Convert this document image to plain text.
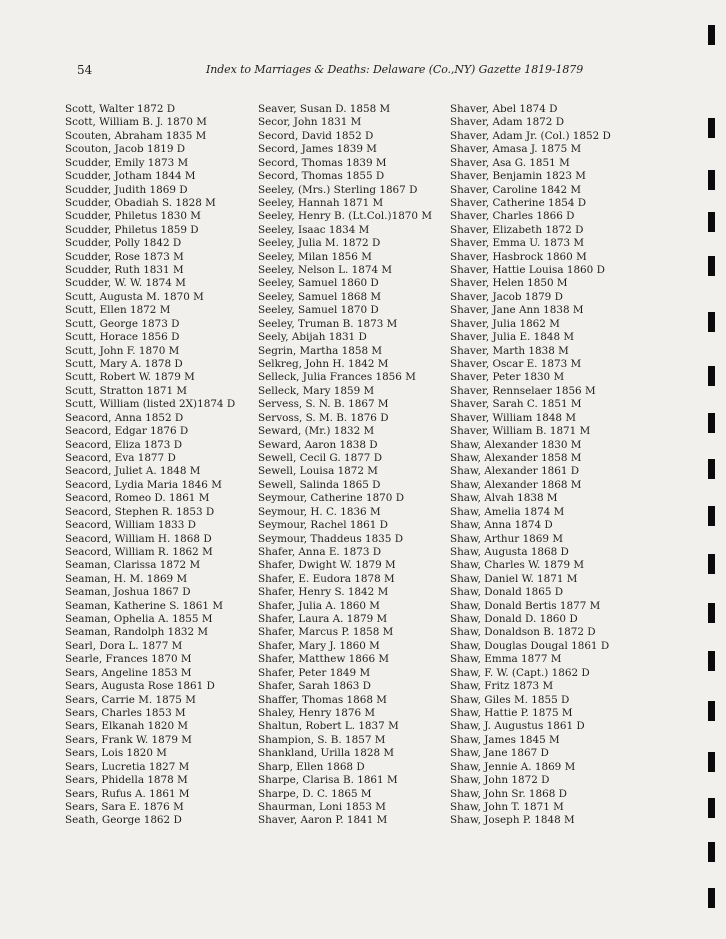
54	Index to Marriages & Deaths: Delaware (Co.,NY) Gazette 1819-1879
Scott, Walter 1872 D
Scott, William B. J. 1870 M
Scouten, Abraham 1835 M
Scouton, Jacob 1819 D
Scudder, Emily 1873 M
Scudder, Jotham 1844 M
Scudder, Judith 1869 D
Scudder, Obadiah S. 1828 M
Scudder, Philetus 1830 M
Scudder, Philetus 1859 D
Scudder, Polly 1842 D
Scudder, Rose 1873 M
Scudder, Ruth 1831 M
Scudder, W. W. 1874 M
Scutt, Augusta M. 1870 M
Scutt, Ellen 1872 M
Scutt, George 1873 D
Scutt, Horace 1856 D
Scutt, John F. 1870 M
Scutt, Mary A. 1878 D
Scutt, Robert W. 1879 M
Scutt, Stratton 1871 M
Scutt, William (listed 2X)1874 D
Seacord, Anna 1852 D
Seacord, Edgar 1876 D
Seacord, Eliza 1873 D
Seacord, Eva 1877 D
Seacord, Juliet A. 1848 M
Seacord, Lydia Maria 1846 M
Seacord, Romeo D. 1861 M
Seacord, Stephen R. 1853 D
Seacord, William 1833 D
Seacord, William H. 1868 D
Seacord, William R. 1862 M
Seaman, Clarissa 1872 M
Seaman, H. M. 1869 M
Seaman, Joshua 1867 D
Seaman, Katherine S. 1861 M
Seaman, Ophelia A. 1855 M
Seaman, Randolph 1832 M
Searl, Dora L. 1877 M
Searle, Frances 1870 M
Sears, Angeline 1853 M
Sears, Augusta Rose 1861 D
Sears, Carrie M. 1875 M
Sears, Charles 1853 M
Sears, Elkanah 1820 M
Sears, Frank W. 1879 M
Sears, Lois 1820 M
Sears, Lucretia 1827 M
Sears, Phidella 1878 M
Sears, Rufus A. 1861 M
Sears, Sara E. 1876 M
Seath, George 1862 D
Seaver, Susan D. 1858 M
Secor, John 1831 M
Secord, David 1852 D
Secord, James 1839 M
Secord, Thomas 1839 M
Secord, Thomas 1855 D
Seeley, (Mrs.) Sterling 1867 D
Seeley, Hannah 1871 M
Seeley, Henry B. (Lt.Col.)1870 M
Seeley, Isaac 1834 M
Seeley, Julia M. 1872 D
Seeley, Milan 1856 M
Seeley, Nelson L. 1874 M
Seeley, Samuel 1860 D
Seeley, Samuel 1868 M
Seeley, Samuel 1870 D
Seeley, Truman B. 1873 M
Seely, Abijah 1831 D
Segrin, Martha 1858 M
Selkreg, John H. 1842 M
Selleck, Julia Frances 1856 M
Selleck, Mary 1859 M
Servess, S. N. B. 1867 M
Servoss, S. M. B. 1876 D
Seward, (Mr.) 1832 M
Seward, Aaron 1838 D
Sewell, Cecil G. 1877 D
Sewell, Louisa 1872 M
Sewell, Salinda 1865 D
Seymour, Catherine 1870 D
Seymour, H. C. 1836 M
Seymour, Rachel 1861 D
Seymour, Thaddeus 1835 D
Shafer, Anna E. 1873 D
Shafer, Dwight W. 1879 M
Shafer, E. Eudora 1878 M
Shafer, Henry S. 1842 M
Shafer, Julia A. 1860 M
Shafer, Laura A. 1879 M
Shafer, Marcus P. 1858 M
Shafer, Mary J. 1860 M
Shafer, Matthew 1866 M
Shafer, Peter 1849 M
Shafer, Sarah 1863 D
Shaffer, Thomas 1868 M
Shaley, Henry 1876 M
Shaltun, Robert L. 1837 M
Shampion, S. B. 1857 M
Shankland, Urilla 1828 M
Sharp, Ellen 1868 D
Sharpe, Clarisa B. 1861 M
Sharpe, D. C. 1865 M
Shaurman, Loni 1853 M
Shaver, Aaron P. 1841 M
Shaver, Abel 1874 D
Shaver, Adam 1872 D
Shaver, Adam Jr. (Col.) 1852 D
Shaver, Amasa J. 1875 M
Shaver, Asa G. 1851 M
Shaver, Benjamin 1823 M
Shaver, Caroline 1842 M
Shaver, Catherine 1854 D
Shaver, Charles 1866 D
Shaver, Elizabeth 1872 D
Shaver, Emma U. 1873 M
Shaver, Hasbrock 1860 M
Shaver, Hattie Louisa 1860 D
Shaver, Helen 1850 M
Shaver, Jacob 1879 D
Shaver, Jane Ann 1838 M
Shaver, Julia 1862 M
Shaver, Julia E. 1848 M
Shaver, Marth 1838 M
Shaver, Oscar E. 1873 M
Shaver, Peter 1830 M
Shaver, Rennselaer 1856 M
Shaver, Sarah C. 1851 M
Shaver, William 1848 M
Shaver, William B. 1871 M
Shaw, Alexander 1830 M
Shaw, Alexander 1858 M
Shaw, Alexander 1861 D
Shaw, Alexander 1868 M
Shaw, Alvah 1838 M
Shaw, Amelia 1874 M
Shaw, Anna 1874 D
Shaw, Arthur 1869 M
Shaw, Augusta 1868 D
Shaw, Charles W. 1879 M
Shaw, Daniel W. 1871 M
Shaw, Donald 1865 D
Shaw, Donald Bertis 1877 M
Shaw, Donald D. 1860 D
Shaw, Donaldson B. 1872 D
Shaw, Douglas Dougal 1861 D
Shaw, Emma 1877 M
Shaw, F. W. (Capt.) 1862 D
Shaw, Fritz 1873 M
Shaw, Giles M. 1855 D
Shaw, Hattie P. 1875 M
Shaw, J. Augustus 1861 D
Shaw, James 1845 M
Shaw, Jane 1867 D
Shaw, Jennie A. 1869 M
Shaw, John 1872 D
Shaw, John Sr. 1868 D
Shaw, John T. 1871 M
Shaw, Joseph P. 1848 M
